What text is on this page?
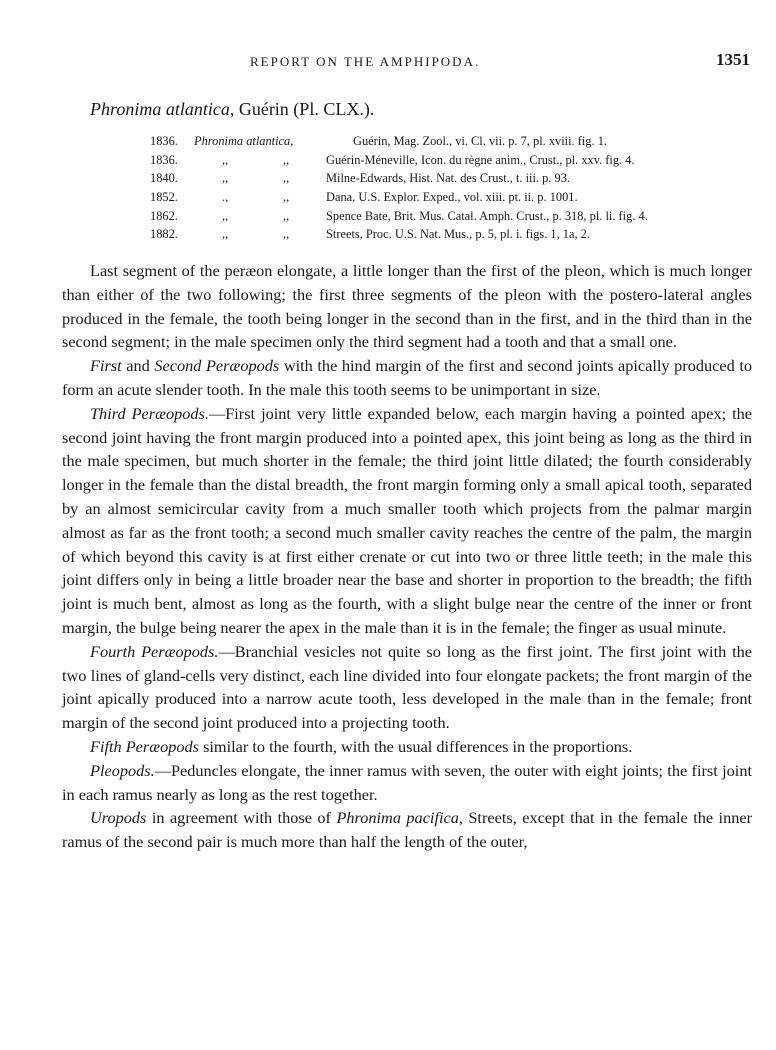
REPORT ON THE AMPHIPODA.	1351
Phronima atlantica, Guérin (Pl. CLX.).
1836. Phronima atlantica,	Guérin, Mag. Zool., vi. Cl. vii. p. 7, pl. xviii. fig. 1.
1836.	,,	,,	Guérin-Méneville, Icon. du règne anim., Crust., pl. xxv. fig. 4.
1840.	,,	,,	Milne-Edwards, Hist. Nat. des Crust., t. iii. p. 93.
1852.	.,	,,	Dana, U.S. Explor. Exped., vol. xiii. pt. ii. p. 1001.
1862.	,,	,,	Spence Bate, Brit. Mus. Catal. Amph. Crust., p. 318, pl. li. fig. 4.
1882.	,,	,,	Streets, Proc. U.S. Nat. Mus., p. 5, pl. i. figs. 1, 1a, 2.

Last segment of the peræon elongate, a little longer than the first of the pleon, which is much longer than either of the two following; the first three segments of the pleon with the postero-lateral angles produced in the female, the tooth being longer in the second than in the first, and in the third than in the second segment; in the male specimen only the third segment had a tooth and that a small one.

First and Second Peræopods with the hind margin of the first and second joints apically produced to form an acute slender tooth. In the male this tooth seems to be unimportant in size.

Third Peræopods.—First joint very little expanded below, each margin having a pointed apex; the second joint having the front margin produced into a pointed apex, this joint being as long as the third in the male specimen, but much shorter in the female; the third joint little dilated; the fourth considerably longer in the female than the distal breadth, the front margin forming only a small apical tooth, separated by an almost semicircular cavity from a much smaller tooth which projects from the palmar margin almost as far as the front tooth; a second much smaller cavity reaches the centre of the palm, the margin of which beyond this cavity is at first either crenate or cut into two or three little teeth; in the male this joint differs only in being a little broader near the base and shorter in proportion to the breadth; the fifth joint is much bent, almost as long as the fourth, with a slight bulge near the centre of the inner or front margin, the bulge being nearer the apex in the male than it is in the female; the finger as usual minute.

Fourth Peræopods.—Branchial vesicles not quite so long as the first joint. The first joint with the two lines of gland-cells very distinct, each line divided into four elongate packets; the front margin of the joint apically produced into a narrow acute tooth, less developed in the male than in the female; front margin of the second joint produced into a projecting tooth.

Fifth Peræopods similar to the fourth, with the usual differences in the proportions.

Pleopods.—Peduncles elongate, the inner ramus with seven, the outer with eight joints; the first joint in each ramus nearly as long as the rest together.

Uropods in agreement with those of Phronima pacifica, Streets, except that in the female the inner ramus of the second pair is much more than half the length of the outer,
